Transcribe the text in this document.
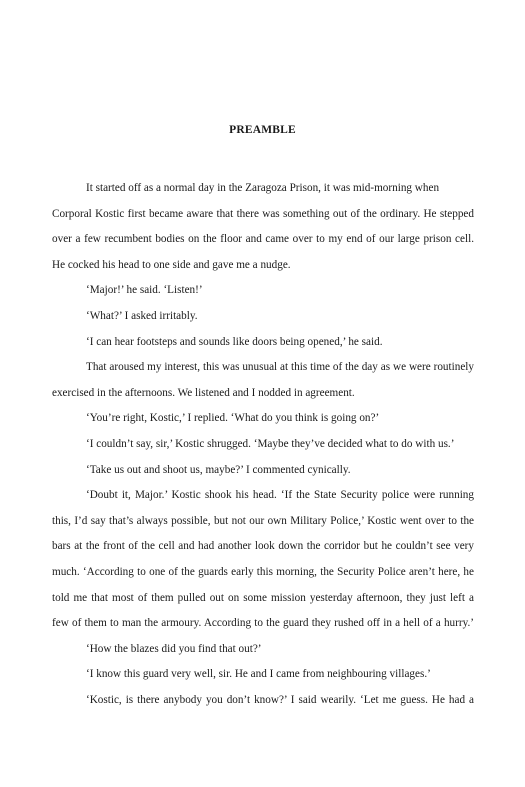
PREAMBLE
It started off as a normal day in the Zaragoza Prison, it was mid-morning when
Corporal Kostic first became aware that there was something out of the ordinary. He stepped
over a few recumbent bodies on the floor and came over to my end of our large prison cell.
He cocked his head to one side and gave me a nudge.
‘Major!’ he said. ‘Listen!’
‘What?’ I asked irritably.
‘I can hear footsteps and sounds like doors being opened,’ he said.
That aroused my interest, this was unusual at this time of the day as we were routinely
exercised in the afternoons. We listened and I nodded in agreement.
‘You’re right, Kostic,’ I replied. ‘What do you think is going on?’
‘I couldn’t say, sir,’ Kostic shrugged. ‘Maybe they’ve decided what to do with us.’
‘Take us out and shoot us, maybe?’ I commented cynically.
‘Doubt it, Major.’ Kostic shook his head. ‘If the State Security police were running
this, I’d say that’s always possible, but not our own Military Police,’ Kostic went over to the
bars at the front of the cell and had another look down the corridor but he couldn’t see very
much. ‘According to one of the guards early this morning, the Security Police aren’t here, he
told me that most of them pulled out on some mission yesterday afternoon, they just left a
few of them to man the armoury. According to the guard they rushed off in a hell of a hurry.’
‘How the blazes did you find that out?’
‘I know this guard very well, sir. He and I came from neighbouring villages.’
‘Kostic, is there anybody you don’t know?’ I said wearily. ‘Let me guess. He had a
